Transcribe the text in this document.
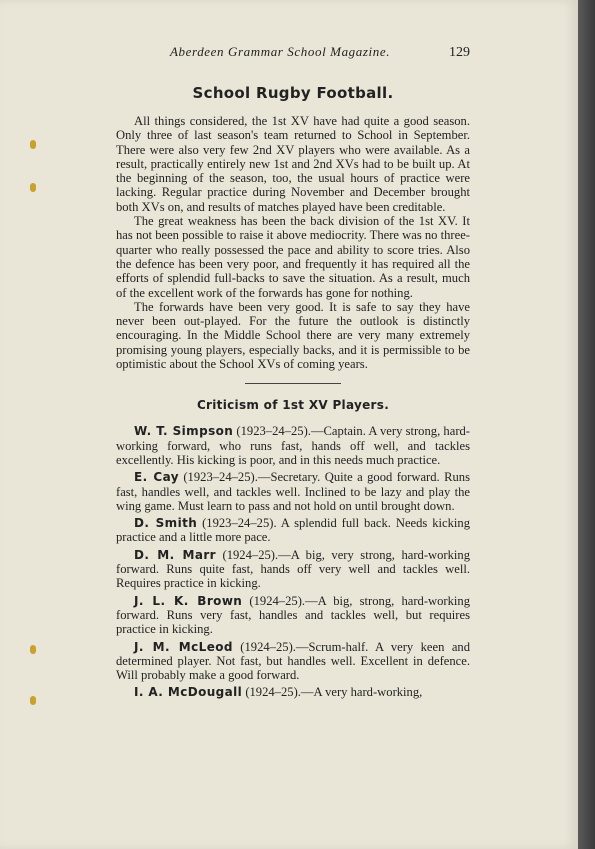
Aberdeen Grammar School Magazine.	129
School Rugby Football.

All things considered, the 1st XV have had quite a good season. Only three of last season's team returned to School in September. There were also very few 2nd XV players who were available. As a result, practically entirely new 1st and 2nd XVs had to be built up. At the beginning of the season, too, the usual hours of practice were lacking. Regular practice during November and December brought both XVs on, and results of matches played have been creditable.

The great weakness has been the back division of the 1st XV. It has not been possible to raise it above mediocrity. There was no three-quarter who really possessed the pace and ability to score tries. Also the defence has been very poor, and frequently it has required all the efforts of splendid full-backs to save the situation. As a result, much of the excellent work of the forwards has gone for nothing.

The forwards have been very good. It is safe to say they have never been out-played. For the future the outlook is distinctly encouraging. In the Middle School there are very many extremely promising young players, especially backs, and it is permissible to be optimistic about the School XVs of coming years.

Criticism of 1st XV Players.

W. T. Simpson (1923–24–25).—Captain. A very strong, hard-working forward, who runs fast, hands off well, and tackles excellently. His kicking is poor, and in this needs much practice.

E. Cay (1923–24–25).—Secretary. Quite a good forward. Runs fast, handles well, and tackles well. Inclined to be lazy and play the wing game. Must learn to pass and not hold on until brought down.

D. Smith (1923–24–25). A splendid full back. Needs kicking practice and a little more pace.

D. M. Marr (1924–25).—A big, very strong, hard-working forward. Runs quite fast, hands off very well and tackles well. Requires practice in kicking.

J. L. K. Brown (1924–25).—A big, strong, hard-working forward. Runs very fast, handles and tackles well, but requires practice in kicking.

J. M. McLeod (1924–25).—Scrum-half. A very keen and determined player. Not fast, but handles well. Excellent in defence. Will probably make a good forward.

I. A. McDougall (1924–25).—A very hard-working,
